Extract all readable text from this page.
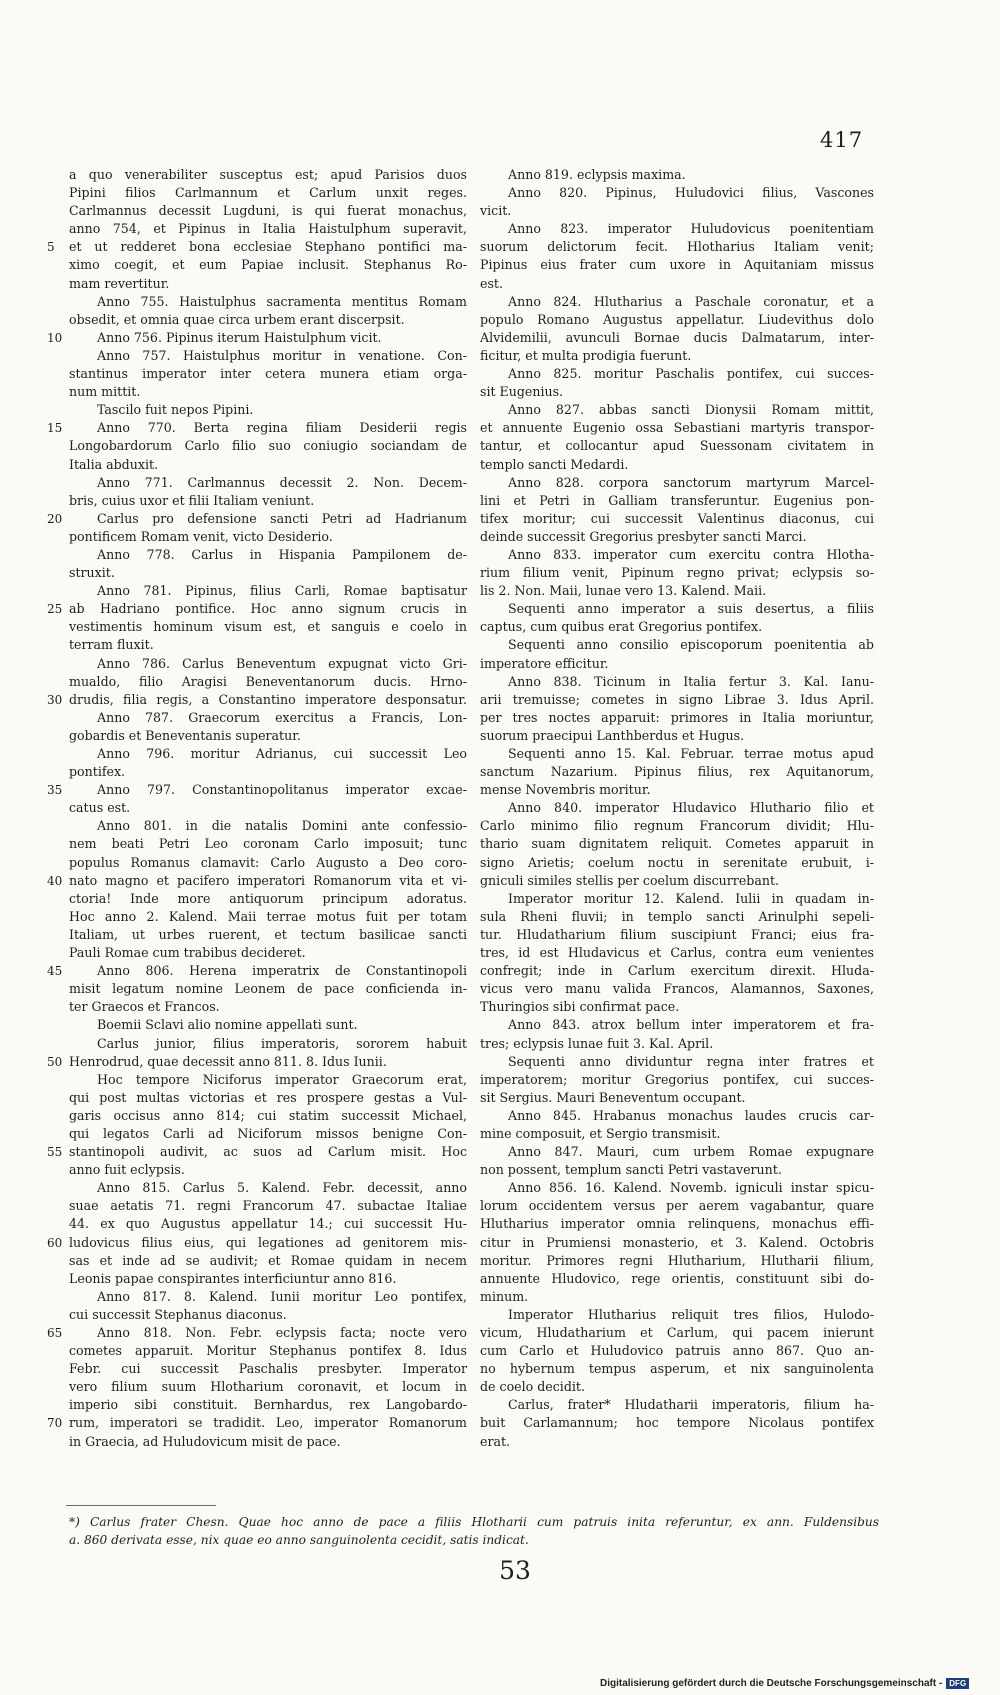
417
a quo venerabiliter susceptus est; apud Parisios duos
Pipini filios Carlmannum et Carlum unxit reges.
Carlmannus decessit Lugduni, is qui fuerat monachus,
anno 754, et Pipinus in Italia Haistulphum superavit,
et ut redderet bona ecclesiae Stephano pontifici ma-
5
ximo coegit, et eum Papiae inclusit. Stephanus Ro-
mam revertitur.
Anno 755. Haistulphus sacramenta mentitus Romam
obsedit, et omnia quae circa urbem erant discerpsit.
Anno 756. Pipinus iterum Haistulphum vicit.
10
Anno 757. Haistulphus moritur in venatione. Con-
stantinus imperator inter cetera munera etiam orga-
num mittit.
Tascilo fuit nepos Pipini.
Anno 770. Berta regina filiam Desiderii regis
15
Longobardorum Carlo filio suo coniugio sociandam de
Italia abduxit.
Anno 771. Carlmannus decessit 2. Non. Decem-
bris, cuius uxor et filii Italiam veniunt.
Carlus pro defensione sancti Petri ad Hadrianum
20
pontificem Romam venit, victo Desiderio.
Anno 778. Carlus in Hispania Pampilonem de-
struxit.
Anno 781. Pipinus, filius Carli, Romae baptisatur
ab Hadriano pontifice. Hoc anno signum crucis in
25
vestimentis hominum visum est, et sanguis e coelo in
terram fluxit.
Anno 786. Carlus Beneventum expugnat victo Gri-
mualdo, filio Aragisi Beneventanorum ducis. Hrno-
drudis, filia regis, a Constantino imperatore desponsatur.
30
Anno 787. Graecorum exercitus a Francis, Lon-
gobardis et Beneventanis superatur.
Anno 796. moritur Adrianus, cui successit Leo
pontifex.
Anno 797. Constantinopolitanus imperator excae-
35
catus est.
Anno 801. in die natalis Domini ante confessio-
nem beati Petri Leo coronam Carlo imposuit; tunc
populus Romanus clamavit: Carlo Augusto a Deo coro-
nato magno et pacifero imperatori Romanorum vita et vi-
40
ctoria! Inde more antiquorum principum adoratus.
Hoc anno 2. Kalend. Maii terrae motus fuit per totam
Italiam, ut urbes ruerent, et tectum basilicae sancti
Pauli Romae cum trabibus decideret.
Anno 806. Herena imperatrix de Constantinopoli
45
misit legatum nomine Leonem de pace conficienda in-
ter Graecos et Francos.
Boemii Sclavi alio nomine appellati sunt.
Carlus junior, filius imperatoris, sororem habuit
Henrodrud, quae decessit anno 811. 8. Idus Iunii.
50
Hoc tempore Niciforus imperator Graecorum erat,
qui post multas victorias et res prospere gestas a Vul-
garis occisus anno 814; cui statim successit Michael,
qui legatos Carli ad Niciforum missos benigne Con-
stantinopoli audivit, ac suos ad Carlum misit. Hoc
55
anno fuit eclypsis.
Anno 815. Carlus 5. Kalend. Febr. decessit, anno
suae aetatis 71. regni Francorum 47. subactae Italiae
44. ex quo Augustus appellatur 14.; cui successit Hu-
ludovicus filius eius, qui legationes ad genitorem mis-
60
sas et inde ad se audivit; et Romae quidam in necem
Leonis papae conspirantes interficiuntur anno 816.
Anno 817. 8. Kalend. Iunii moritur Leo pontifex,
cui successit Stephanus diaconus.
Anno 818. Non. Febr. eclypsis facta; nocte vero
65
cometes apparuit. Moritur Stephanus pontifex 8. Idus
Febr. cui successit Paschalis presbyter. Imperator
vero filium suum Hlotharium coronavit, et locum in
imperio sibi constituit. Bernhardus, rex Langobardo-
rum, imperatori se tradidit. Leo, imperator Romanorum
70
in Graecia, ad Huludovicum misit de pace.
Anno 819. eclypsis maxima.
Anno 820. Pipinus, Huludovici filius, Vascones
vicit.
Anno 823. imperator Huludovicus poenitentiam
suorum delictorum fecit. Hlotharius Italiam venit;
Pipinus eius frater cum uxore in Aquitaniam missus
est.
Anno 824. Hlutharius a Paschale coronatur, et a
populo Romano Augustus appellatur. Liudevithus dolo
Alvidemilii, avunculi Bornae ducis Dalmatarum, inter-
ficitur, et multa prodigia fuerunt.
Anno 825. moritur Paschalis pontifex, cui succes-
sit Eugenius.
Anno 827. abbas sancti Dionysii Romam mittit,
et annuente Eugenio ossa Sebastiani martyris transpor-
tantur, et collocantur apud Suessonam civitatem in
templo sancti Medardi.
Anno 828. corpora sanctorum martyrum Marcel-
lini et Petri in Galliam transferuntur. Eugenius pon-
tifex moritur; cui successit Valentinus diaconus, cui
deinde successit Gregorius presbyter sancti Marci.
Anno 833. imperator cum exercitu contra Hlotha-
rium filium venit, Pipinum regno privat; eclypsis so-
lis 2. Non. Maii, lunae vero 13. Kalend. Maii.
Sequenti anno imperator a suis desertus, a filiis
captus, cum quibus erat Gregorius pontifex.
Sequenti anno consilio episcoporum poenitentia ab
imperatore efficitur.
Anno 838. Ticinum in Italia fertur 3. Kal. Ianu-
arii tremuisse; cometes in signo Librae 3. Idus April.
per tres noctes apparuit: primores in Italia moriuntur,
suorum praecipui Lanthberdus et Hugus.
Sequenti anno 15. Kal. Februar. terrae motus apud
sanctum Nazarium. Pipinus filius, rex Aquitanorum,
mense Novembris moritur.
Anno 840. imperator Hludavico Hluthario filio et
Carlo minimo filio regnum Francorum dividit; Hlu-
thario suam dignitatem reliquit. Cometes apparuit in
signo Arietis; coelum noctu in serenitate erubuit, i-
gniculi similes stellis per coelum discurrebant.
Imperator moritur 12. Kalend. Iulii in quadam in-
sula Rheni fluvii; in templo sancti Arinulphi sepeli-
tur. Hludatharium filium suscipiunt Franci; eius fra-
tres, id est Hludavicus et Carlus, contra eum venientes
confregit; inde in Carlum exercitum direxit. Hluda-
vicus vero manu valida Francos, Alamannos, Saxones,
Thuringios sibi confirmat pace.
Anno 843. atrox bellum inter imperatorem et fra-
tres; eclypsis lunae fuit 3. Kal. April.
Sequenti anno dividuntur regna inter fratres et
imperatorem; moritur Gregorius pontifex, cui succes-
sit Sergius. Mauri Beneventum occupant.
Anno 845. Hrabanus monachus laudes crucis car-
mine composuit, et Sergio transmisit.
Anno 847. Mauri, cum urbem Romae expugnare
non possent, templum sancti Petri vastaverunt.
Anno 856. 16. Kalend. Novemb. igniculi instar spicu-
lorum occidentem versus per aerem vagabantur, quare
Hlutharius imperator omnia relinquens, monachus effi-
citur in Prumiensi monasterio, et 3. Kalend. Octobris
moritur. Primores regni Hlutharium, Hlutharii filium,
annuente Hludovico, rege orientis, constituunt sibi do-
minum.
Imperator Hlutharius reliquit tres filios, Hulodo-
vicum, Hludatharium et Carlum, qui pacem inierunt
cum Carlo et Huludovico patruis anno 867. Quo an-
no hybernum tempus asperum, et nix sanguinolenta
de coelo decidit.
Carlus, frater* Hludatharii imperatoris, filium ha-
buit Carlamannum; hoc tempore Nicolaus pontifex
erat.
*) Carlus frater Chesn. Quae hoc anno de pace a filiis Hlotharii cum patruis inita referuntur, ex ann. Fuldensibus
a. 860 derivata esse, nix quae eo anno sanguinolenta cecidit, satis indicat.
53
Digitalisierung gefördert durch die Deutsche Forschungsgemeinschaft - DFG
